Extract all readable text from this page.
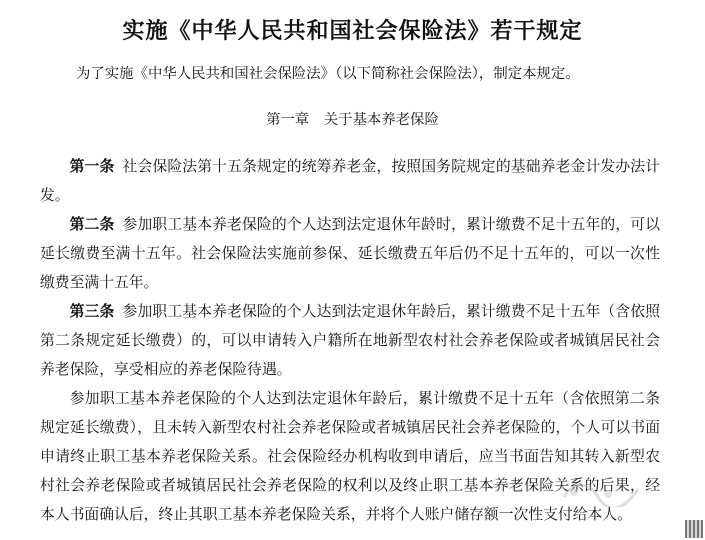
实施《中华人民共和国社会保险法》若干规定
为了实施《中华人民共和国社会保险法》（以下简称社会保险法），制定本规定。
第一章　关于基本养老保险

第一条 社会保险法第十五条规定的统筹养老金，按照国务院规定的基础养老金计发办法计发。

第二条 参加职工基本养老保险的个人达到法定退休年龄时，累计缴费不足十五年的，可以延长缴费至满十五年。社会保险法实施前参保、延长缴费五年后仍不足十五年的，可以一次性缴费至满十五年。

第三条 参加职工基本养老保险的个人达到法定退休年龄后，累计缴费不足十五年（含依照第二条规定延长缴费）的，可以申请转入户籍所在地新型农村社会养老保险或者城镇居民社会养老保险，享受相应的养老保险待遇。

参加职工基本养老保险的个人达到法定退休年龄后，累计缴费不足十五年（含依照第二条规定延长缴费），且未转入新型农村社会养老保险或者城镇居民社会养老保险的，个人可以书面申请终止职工基本养老保险关系。社会保险经办机构收到申请后，应当书面告知其转入新型农村社会养老保险或者城镇居民社会养老保险的权利以及终止职工基本养老保险关系的后果，经本人书面确认后，终止其职工基本养老保险关系，并将个人账户储存额一次性支付给本人。
